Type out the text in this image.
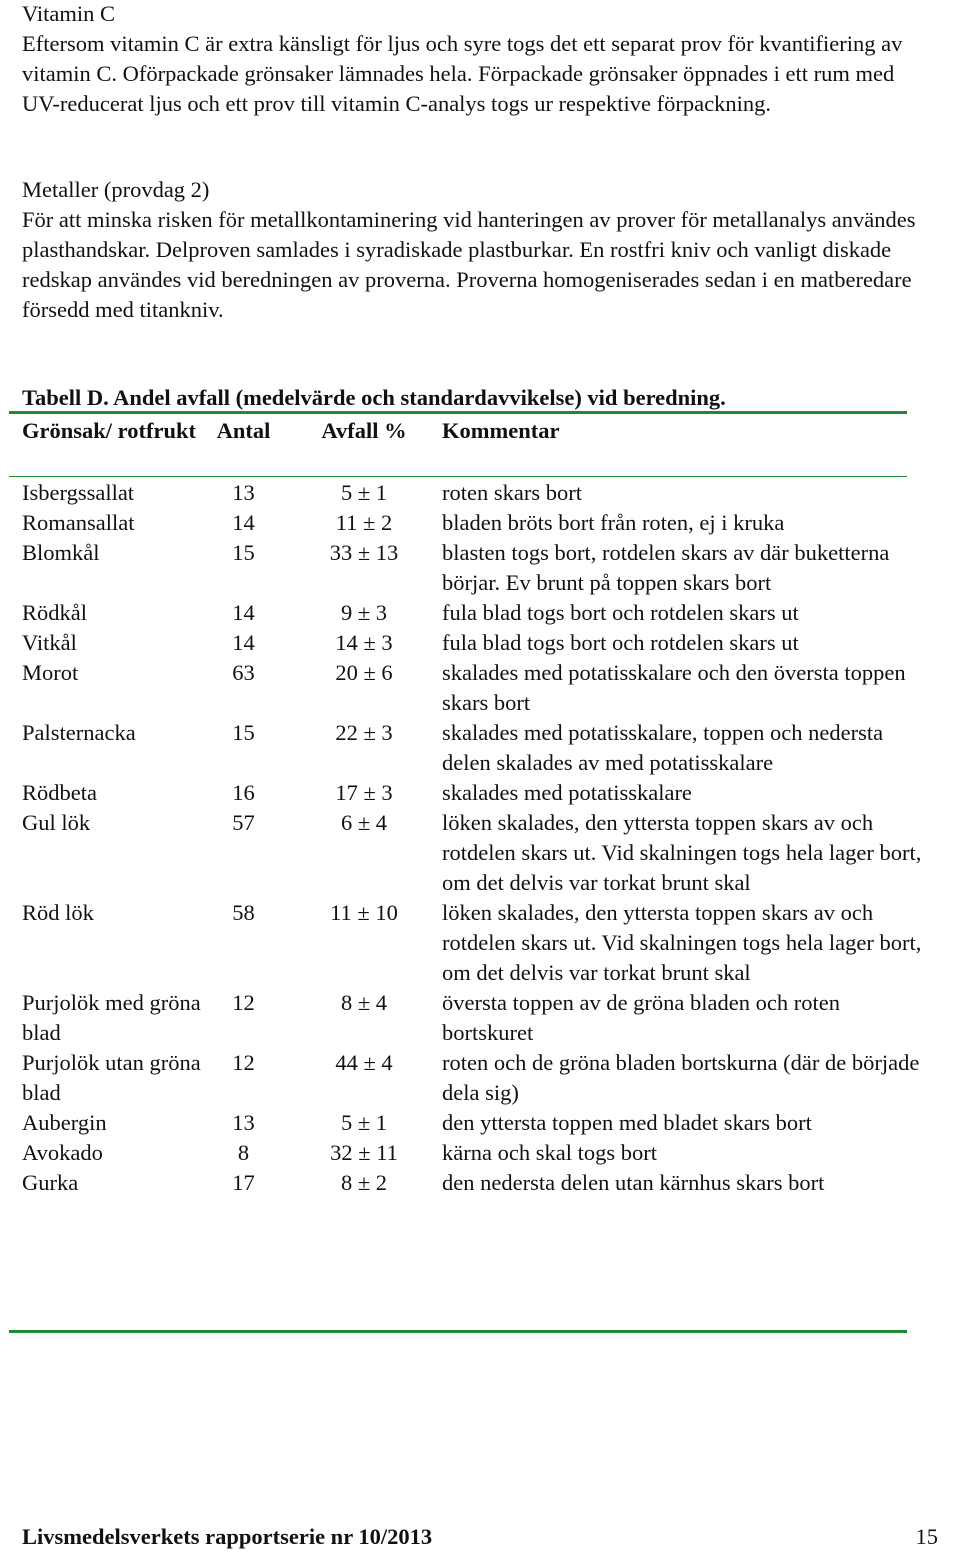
Vitamin C

Eftersom vitamin C är extra känsligt för ljus och syre togs det ett separat prov för kvantifiering av vitamin C. Oförpackade grönsaker lämnades hela. Förpackade grönsaker öppnades i ett rum med UV-reducerat ljus och ett prov till vitamin C-analys togs ur respektive förpackning.

Metaller (provdag 2)

För att minska risken för metallkontaminering vid hanteringen av prover för metallanalys användes plasthandskar. Delproven samlades i syradiskade plastburkar. En rostfri kniv och vanligt diskade redskap användes vid beredningen av proverna. Proverna homogeniserades sedan i en matberedare försedd med titankniv.

Tabell D. Andel avfall (medelvärde och standardavvikelse) vid beredning.
Grönsak/ rotfrukt	Antal	Avfall %	Kommentar
Isbergssallat	13	5 ± 1	roten skars bort
Romansallat	14	11 ± 2	bladen bröts bort från roten, ej i kruka
Blomkål	15	33 ± 13	blasten togs bort, rotdelen skars av där buketterna börjar. Ev brunt på toppen skars bort
Rödkål	14	9 ± 3	fula blad togs bort och rotdelen skars ut
Vitkål	14	14 ± 3	fula blad togs bort och rotdelen skars ut
Morot	63	20 ± 6	skalades med potatisskalare och den översta toppen skars bort
Palsternacka	15	22 ± 3	skalades med potatisskalare, toppen och nedersta delen skalades av med potatisskalare
Rödbeta	16	17 ± 3	skalades med potatisskalare
Gul lök	57	6 ± 4	löken skalades, den yttersta toppen skars av och rotdelen skars ut. Vid skalningen togs hela lager bort, om det delvis var torkat brunt skal
Röd lök	58	11 ± 10	löken skalades, den yttersta toppen skars av och rotdelen skars ut. Vid skalningen togs hela lager bort, om det delvis var torkat brunt skal
Purjolök med gröna blad	12	8 ± 4	översta toppen av de gröna bladen och roten bortskuret
Purjolök utan gröna blad	12	44 ± 4	roten och de gröna bladen bortskurna (där de började dela sig)
Aubergin	13	5 ± 1	den yttersta toppen med bladet skars bort
Avokado	8	32 ± 11	kärna och skal togs bort
Gurka	17	8 ± 2	den nedersta delen utan kärnhus skars bort
Livsmedelsverkets rapportserie nr 10/2013	15
